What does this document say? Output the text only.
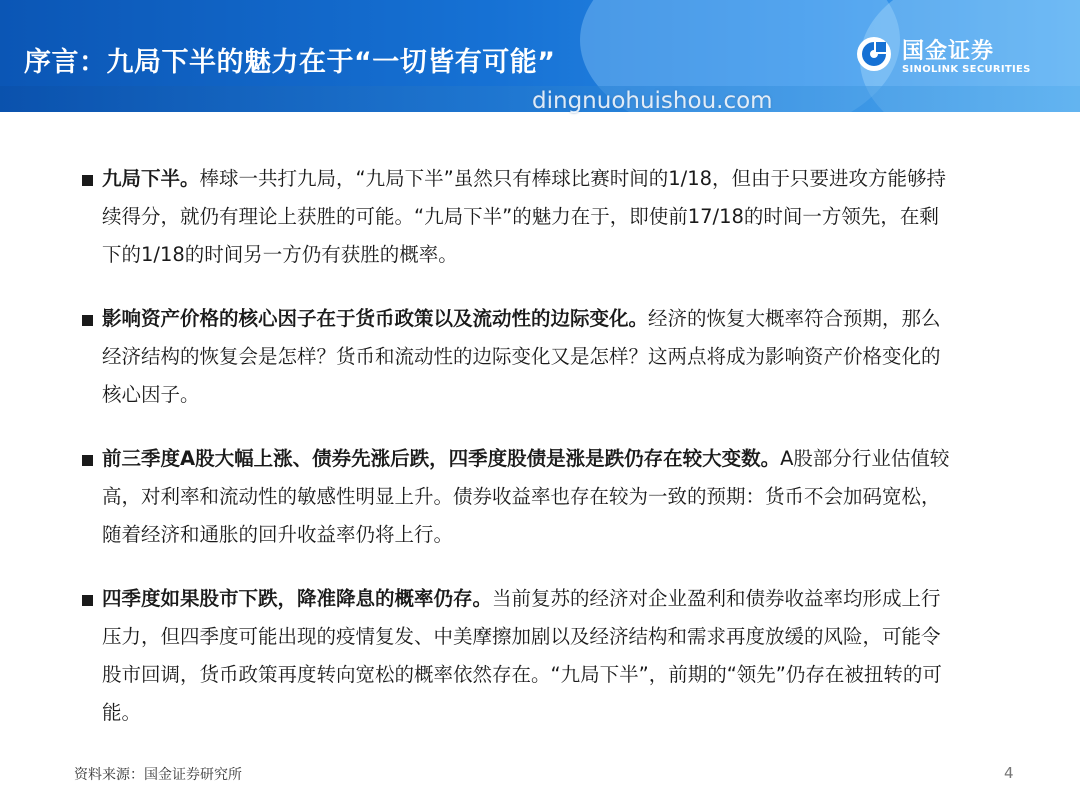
序言：九局下半的魅力在于“一切皆有可能”	国金证券
SINOLINK SECURITIES
dingnuohuishou.com
九局下半。棒球一共打九局，“九局下半”虽然只有棒球比赛时间的1/18，但由于只要进攻方能够持续得分，就仍有理论上获胜的可能。“九局下半”的魅力在于，即使前17/18的时间一方领先，在剩下的1/18的时间另一方仍有获胜的概率。
影响资产价格的核心因子在于货币政策以及流动性的边际变化。经济的恢复大概率符合预期，那么经济结构的恢复会是怎样？货币和流动性的边际变化又是怎样？这两点将成为影响资产价格变化的核心因子。
前三季度A股大幅上涨、债券先涨后跌，四季度股债是涨是跌仍存在较大变数。A股部分行业估值较高，对利率和流动性的敏感性明显上升。债券收益率也存在较为一致的预期：货币不会加码宽松，随着经济和通胀的回升收益率仍将上行。
四季度如果股市下跌，降准降息的概率仍存。当前复苏的经济对企业盈利和债券收益率均形成上行压力，但四季度可能出现的疫情复发、中美摩擦加剧以及经济结构和需求再度放缓的风险，可能令股市回调，货币政策再度转向宽松的概率依然存在。“九局下半”，前期的“领先”仍存在被扭转的可能。
资料来源：国金证券研究所	4
